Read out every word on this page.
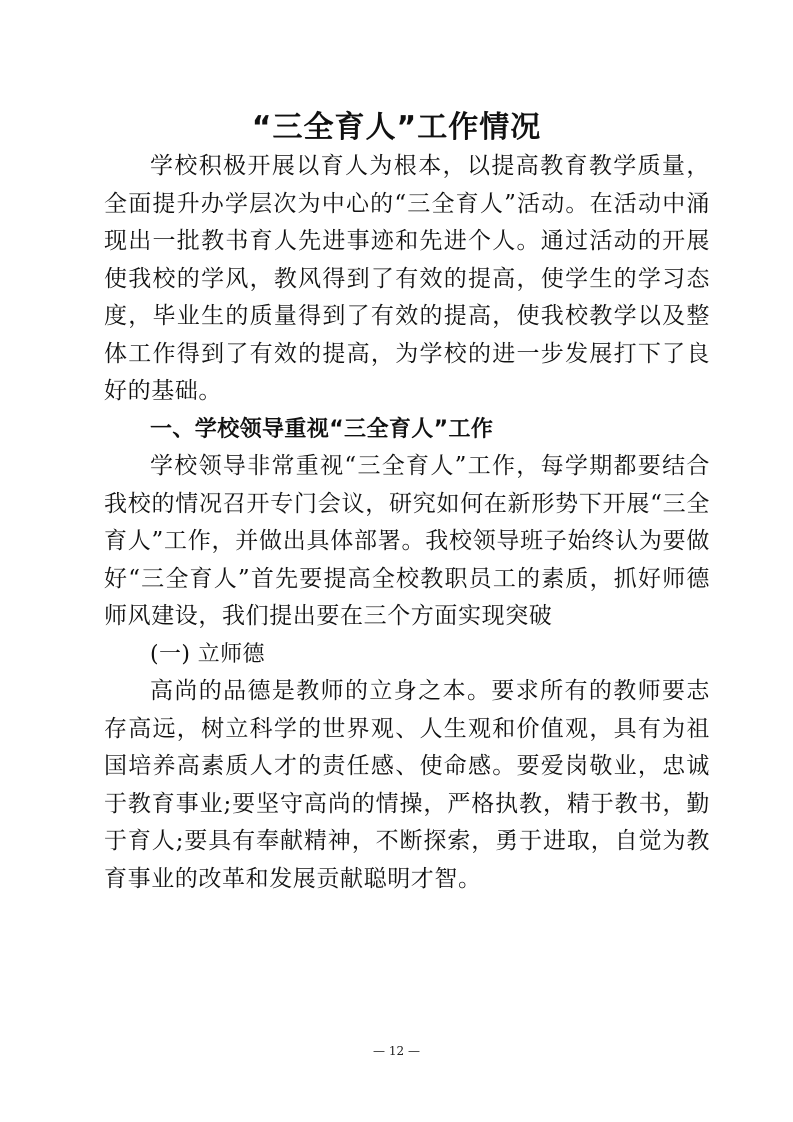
“三全育人”工作情况

学校积极开展以育人为根本，以提高教育教学质量，全面提升办学层次为中心的“三全育人”活动。在活动中涌现出一批教书育人先进事迹和先进个人。通过活动的开展使我校的学风，教风得到了有效的提高，使学生的学习态度，毕业生的质量得到了有效的提高，使我校教学以及整体工作得到了有效的提高，为学校的进一步发展打下了良好的基础。

一、学校领导重视“三全育人”工作

学校领导非常重视“三全育人”工作，每学期都要结合我校的情况召开专门会议，研究如何在新形势下开展“三全育人”工作，并做出具体部署。我校领导班子始终认为要做好“三全育人”首先要提高全校教职员工的素质，抓好师德师风建设，我们提出要在三个方面实现突破

(一) 立师德

高尚的品德是教师的立身之本。要求所有的教师要志存高远，树立科学的世界观、人生观和价值观，具有为祖国培养高素质人才的责任感、使命感。要爱岗敬业，忠诚于教育事业;要坚守高尚的情操，严格执教，精于教书，勤于育人;要具有奉献精神，不断探索，勇于进取，自觉为教育事业的改革和发展贡献聪明才智。

— 12 —
